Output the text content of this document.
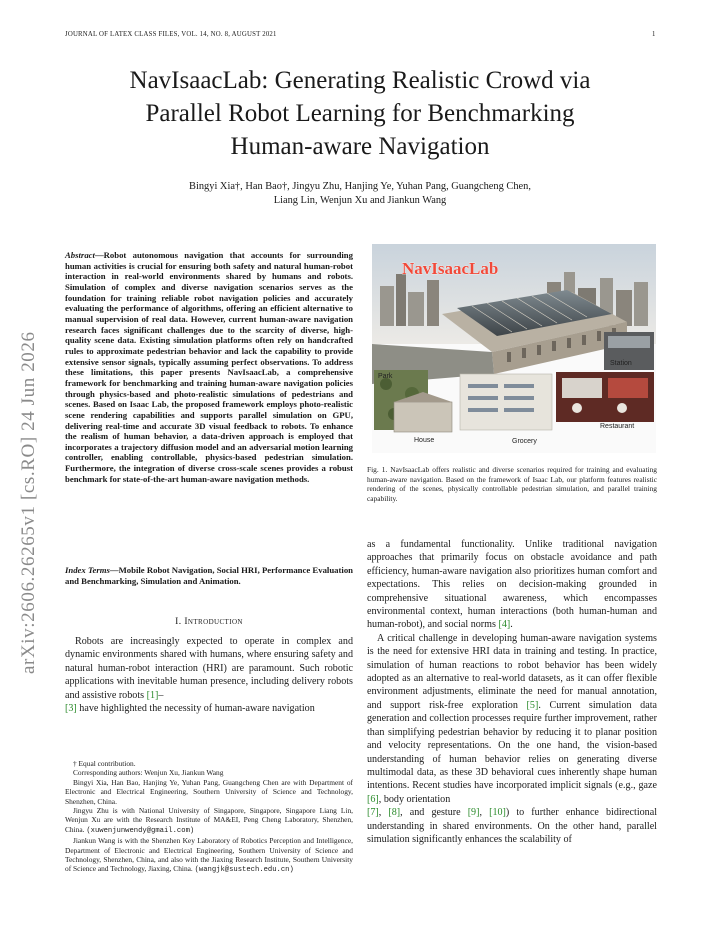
JOURNAL OF LATEX CLASS FILES, VOL. 14, NO. 8, AUGUST 2021	1
arXiv:2606.26265v1 [cs.RO] 24 Jun 2026
NavIsaacLab: Generating Realistic Crowd via
Parallel Robot Learning for Benchmarking
Human-aware Navigation
Bingyi Xia†, Han Bao†, Jingyu Zhu, Hanjing Ye, Yuhan Pang, Guangcheng Chen,
Liang Lin, Wenjun Xu and Jiankun Wang
Abstract—Robot autonomous navigation that accounts for surrounding human activities is crucial for ensuring both safety and natural human-robot interaction in real-world environments shared by humans and robots. Simulation of complex and diverse navigation scenarios serves as the foundation for training reliable robot navigation policies and accurately evaluating the performance of algorithms, offering an efficient alternative to manual supervision of real data. However, current human-aware navigation research faces significant challenges due to the scarcity of diverse, high-quality scene data. Existing simulation platforms often rely on handcrafted rules to approximate pedestrian behavior and lack the capability to provide extensive sensor signals, typically assuming perfect observations. To address these limitations, this paper presents NavIsaacLab, a comprehensive framework for benchmarking and training human-aware navigation policies through physics-based and photo-realistic simulations of pedestrians and scenes. Based on Isaac Lab, the proposed framework employs photo-realistic scene rendering capabilities and supports parallel simulation on GPU, delivering real-time and accurate 3D visual feedback to robots. To enhance the realism of human behavior, a data-driven approach is employed that incorporates a trajectory diffusion model and an adversarial motion learning controller, enabling controllable, physics-based pedestrian simulation. Furthermore, the integration of diverse cross-scale scenes provides a robust benchmark for state-of-the-art human-aware navigation methods.
Index Terms—Mobile Robot Navigation, Social HRI, Performance Evaluation and Benchmarking, Simulation and Animation.
I. Introduction
Robots are increasingly expected to operate in complex and dynamic environments shared with humans, where ensuring safety and natural human-robot interaction (HRI) are paramount. Such robotic applications with inevitable human presence, including delivery robots and assistive robots [1]–
[3] have highlighted the necessity of human-aware navigation

† Equal contribution.

Corresponding authors: Wenjun Xu, Jiankun Wang

Bingyi Xia, Han Bao, Hanjing Ye, Yuhan Pang, Guangcheng Chen are with Department of Electronic and Electrical Engineering, Southern University of Science and Technology, Shenzhen, China.

Jingyu Zhu is with National University of Singapore, Singapore, Singapore Liang Lin, Wenjun Xu are with the Research Institute of MA&EI, Peng Cheng Laboratory, Shenzhen, China. (xuwenjunwendy@gmail.com)

Jiankun Wang is with the Shenzhen Key Laboratory of Robotics Perception and Intelligence, Department of Electronic and Electrical Engineering, Southern University of Science and Technology, Shenzhen, China, and also with the Jiaxing Research Institute, Southern University of Science and Technology, Jiaxing, China. (wangjk@sustech.edu.cn)

NavIsaacLab
Station
Park
Restaurant
House	Grocery
Fig. 1. NavIsaacLab offers realistic and diverse scenarios required for training and evaluating human-aware navigation. Based on the framework of Isaac Lab, our platform features realistic rendering of the scenes, physically controllable pedestrian simulation, and parallel training capability.

as a fundamental functionality. Unlike traditional navigation approaches that primarily focus on obstacle avoidance and path efficiency, human-aware navigation also prioritizes human comfort and expectations. This relies on decision-making grounded in comprehensive situational awareness, which encompasses environmental context, human interactions (both human-human and human-robot), and social norms [4].

A critical challenge in developing human-aware navigation systems is the need for extensive HRI data in training and testing. In practice, simulation of human reactions to robot behavior has been widely adopted as an alternative to real-world datasets, as it can offer flexible environment adjustments, eliminate the need for manual annotation, and support risk-free exploration [5]. Current simulation data generation and collection processes require further improvement, rather than simplifying pedestrian behavior by reducing it to planar position and velocity representations. On the one hand, the vision-based understanding of human behavior relies on generating diverse multimodal data, as these 3D behavioral cues inherently shape human intentions. Recent studies have incorporated implicit signals (e.g., gaze [6], body orientation
[7], [8], and gesture [9], [10]) to further enhance bidirectional understanding in shared environments. On the other hand, parallel simulation significantly enhances the scalability of
